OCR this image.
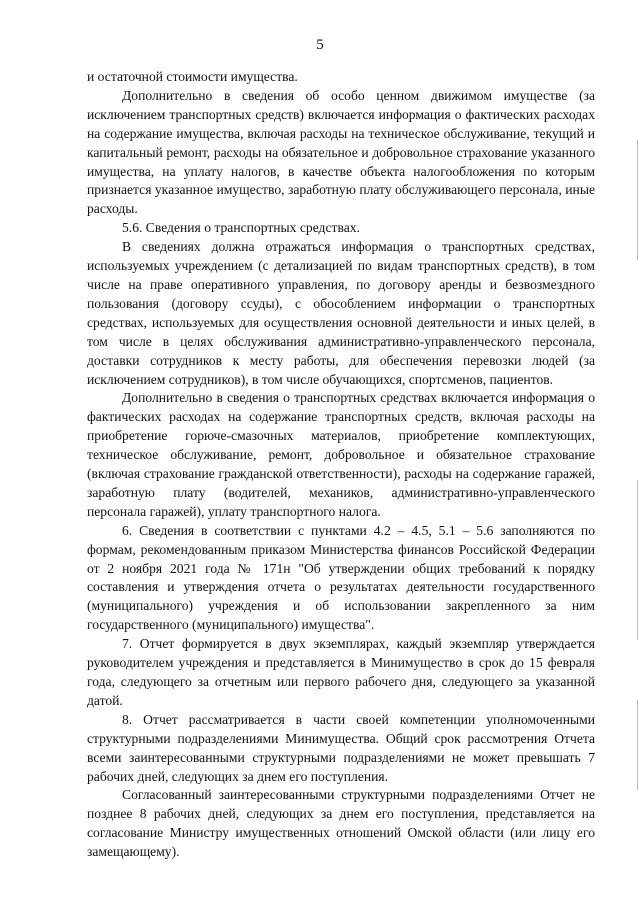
5

и остаточной стоимости имущества.

Дополнительно в сведения об особо ценном движимом имуществе (за исключением транспортных средств) включается информация о фактических расходах на содержание имущества, включая расходы на техническое обслуживание, текущий и капитальный ремонт, расходы на обязательное и добровольное страхование указанного имущества, на уплату налогов, в качестве объекта налогообложения по которым признается указанное имущество, заработную плату обслуживающего персонала, иные расходы.

5.6. Сведения о транспортных средствах.

В сведениях должна отражаться информация о транспортных средствах, используемых учреждением (с детализацией по видам транспортных средств), в том числе на праве оперативного управления, по договору аренды и безвозмездного пользования (договору ссуды), с обособлением информации о транспортных средствах, используемых для осуществления основной деятельности и иных целей, в том числе в целях обслуживания административно-управленческого персонала, доставки сотрудников к месту работы, для обеспечения перевозки людей (за исключением сотрудников), в том числе обучающихся, спортсменов, пациентов.

Дополнительно в сведения о транспортных средствах включается информация о фактических расходах на содержание транспортных средств, включая расходы на приобретение горюче-смазочных материалов, приобретение комплектующих, техническое обслуживание, ремонт, добровольное и обязательное страхование (включая страхование гражданской ответственности), расходы на содержание гаражей, заработную плату (водителей, механиков, административно-управленческого персонала гаражей), уплату транспортного налога.

6. Сведения в соответствии с пунктами 4.2 – 4.5, 5.1 – 5.6 заполняются по формам, рекомендованным приказом Министерства финансов Российской Федерации от 2 ноября 2021 года № 171н "Об утверждении общих требований к порядку составления и утверждения отчета о результатах деятельности государственного (муниципального) учреждения и об использовании закрепленного за ним государственного (муниципального) имущества".

7. Отчет формируется в двух экземплярах, каждый экземпляр утверждается руководителем учреждения и представляется в Минимущество в срок до 15 февраля года, следующего за отчетным или первого рабочего дня, следующего за указанной датой.

8. Отчет рассматривается в части своей компетенции уполномоченными структурными подразделениями Минимущества. Общий срок рассмотрения Отчета всеми заинтересованными структурными подразделениями не может превышать 7 рабочих дней, следующих за днем его поступления.

Согласованный заинтересованными структурными подразделениями Отчет не позднее 8 рабочих дней, следующих за днем его поступления, представляется на согласование Министру имущественных отношений Омской области (или лицу его замещающему).
